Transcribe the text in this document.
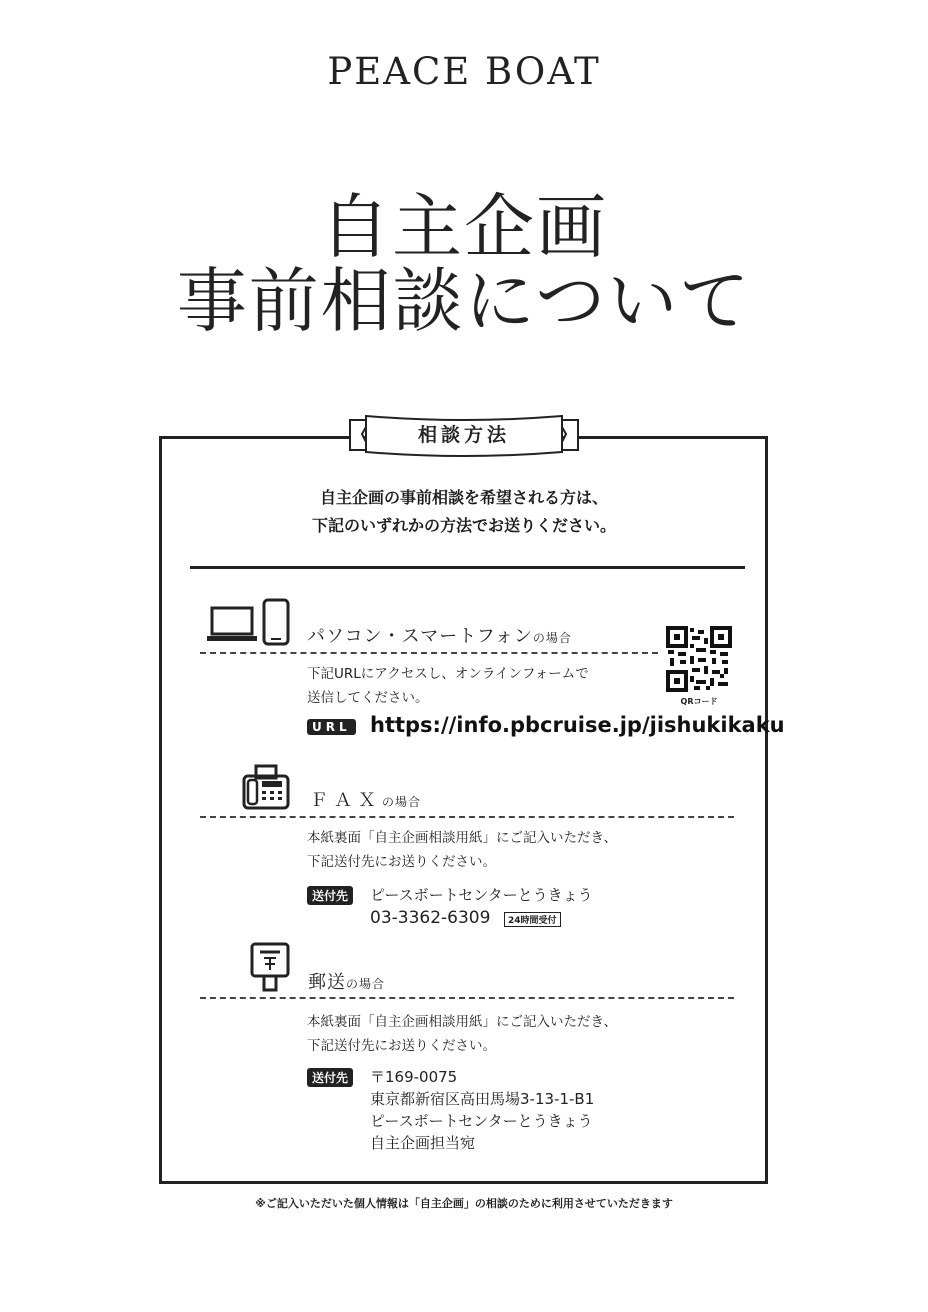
PEACE BOAT
自主企画
事前相談について
相談方法
自主企画の事前相談を希望される方は、
下記のいずれかの方法でお送りください。
パソコン・スマートフォンの場合
QRコード
下記URLにアクセスし、オンラインフォームで
送信してください。
URL https://info.pbcruise.jp/jishukikaku
ＦＡＸの場合
本紙裏面「自主企画相談用紙」にご記入いただき、
下記送付先にお送りください。
送付先	ピースボートセンターとうきょう
03-3362-6309	24時間受付
郵送の場合
本紙裏面「自主企画相談用紙」にご記入いただき、
下記送付先にお送りください。
送付先	〒169-0075
東京都新宿区高田馬場3-13-1-B1
ピースボートセンターとうきょう
自主企画担当宛
※ご記入いただいた個人情報は「自主企画」の相談のために利用させていただきます
